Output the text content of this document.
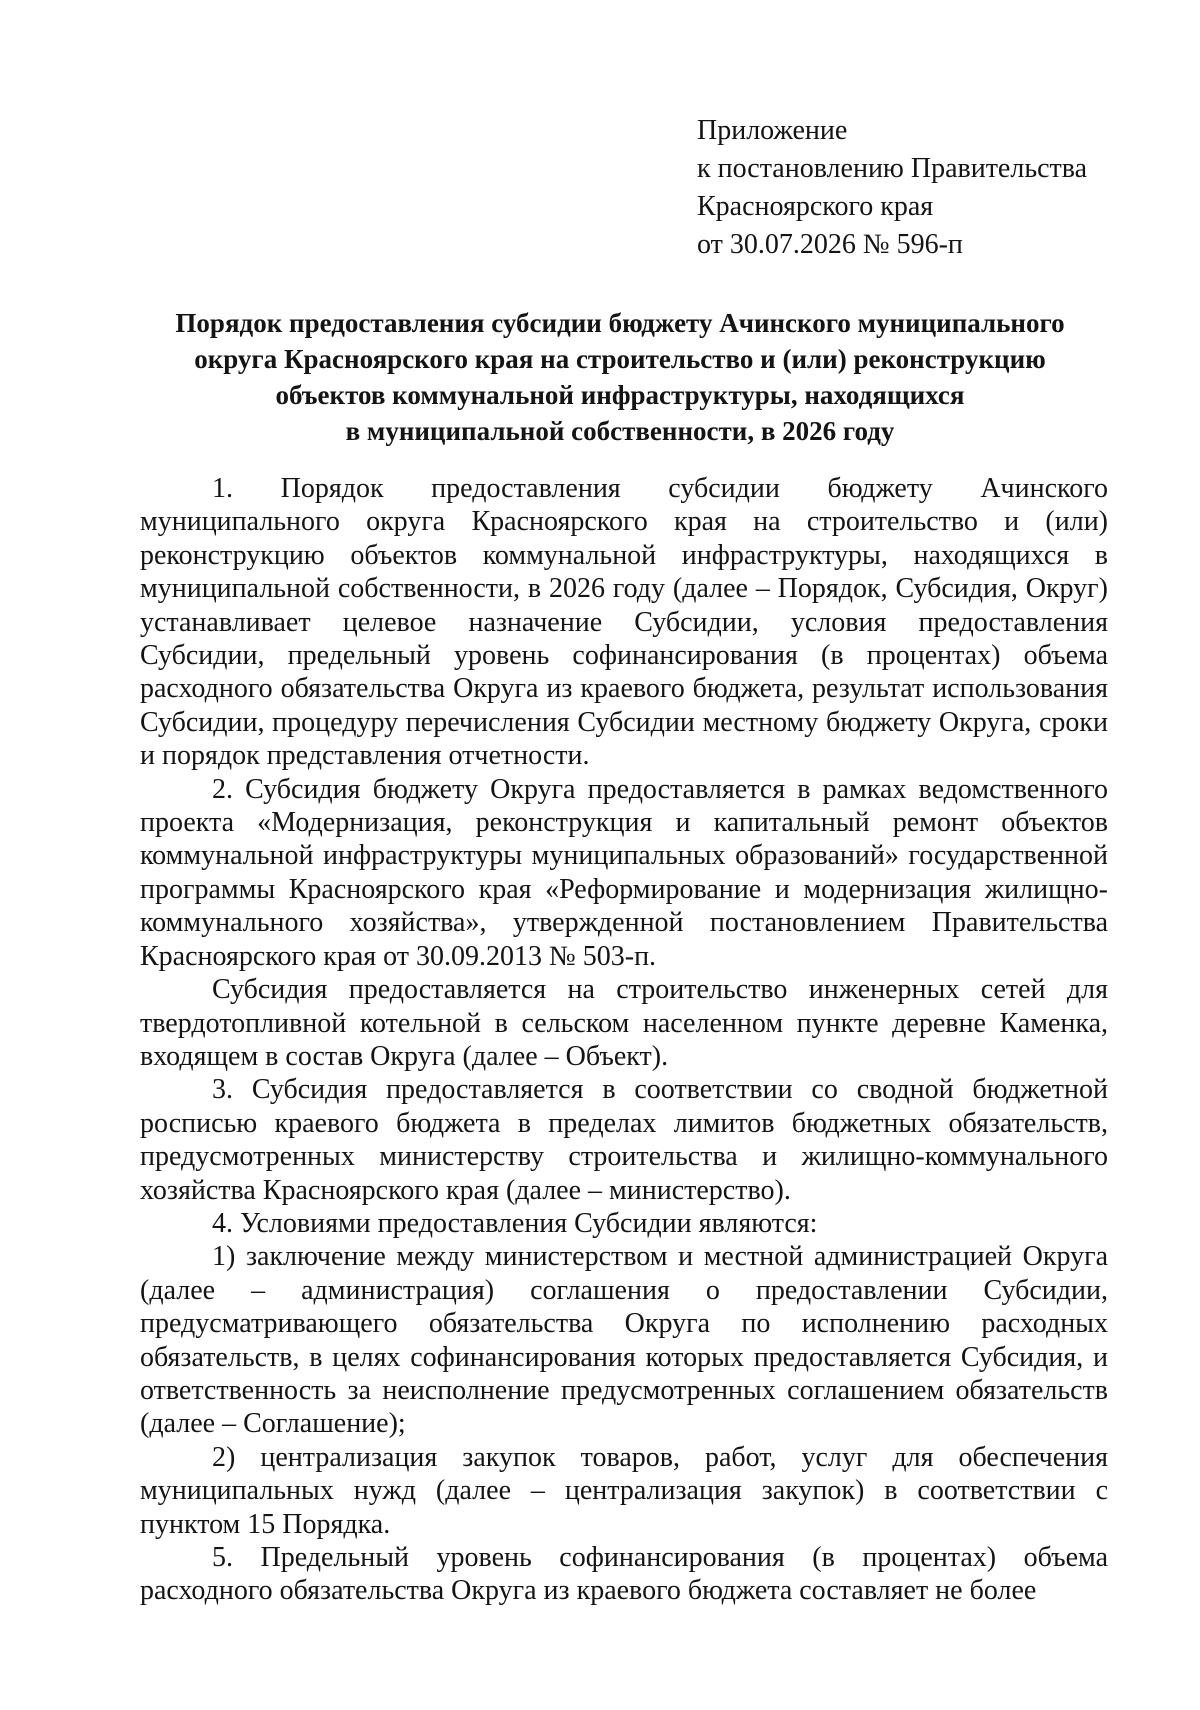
Приложение
к постановлению Правительства
Красноярского края
от 30.07.2026 № 596-п
Порядок предоставления субсидии бюджету Ачинского муниципального
округа Красноярского края на строительство и (или) реконструкцию
объектов коммунальной инфраструктуры, находящихся
в муниципальной собственности, в 2026 году

1. Порядок предоставления субсидии бюджету Ачинского муниципального округа Красноярского края на строительство и (или) реконструкцию объектов коммунальной инфраструктуры, находящихся в муниципальной собственности, в 2026 году (далее – Порядок, Субсидия, Округ) устанавливает целевое назначение Субсидии, условия предоставления Субсидии, предельный уровень софинансирования (в процентах) объема расходного обязательства Округа из краевого бюджета, результат использования Субсидии, процедуру перечисления Субсидии местному бюджету Округа, сроки и порядок представления отчетности.

2. Субсидия бюджету Округа предоставляется в рамках ведомственного проекта «Модернизация, реконструкция и капитальный ремонт объектов коммунальной инфраструктуры муниципальных образований» государственной программы Красноярского края «Реформирование и модернизация жилищно-коммунального хозяйства», утвержденной постановлением Правительства Красноярского края от 30.09.2013 № 503-п.

Субсидия предоставляется на строительство инженерных сетей для твердотопливной котельной в сельском населенном пункте деревне Каменка, входящем в состав Округа (далее – Объект).

3. Субсидия предоставляется в соответствии со сводной бюджетной росписью краевого бюджета в пределах лимитов бюджетных обязательств, предусмотренных министерству строительства и жилищно-коммунального хозяйства Красноярского края (далее – министерство).

4. Условиями предоставления Субсидии являются:

1) заключение между министерством и местной администрацией Округа (далее – администрация) соглашения о предоставлении Субсидии, предусматривающего обязательства Округа по исполнению расходных обязательств, в целях софинансирования которых предоставляется Субсидия, и ответственность за неисполнение предусмотренных соглашением обязательств (далее – Соглашение);

2) централизация закупок товаров, работ, услуг для обеспечения муниципальных нужд (далее – централизация закупок) в соответствии с пунктом 15 Порядка.

5. Предельный уровень софинансирования (в процентах) объема расходного обязательства Округа из краевого бюджета составляет не более
